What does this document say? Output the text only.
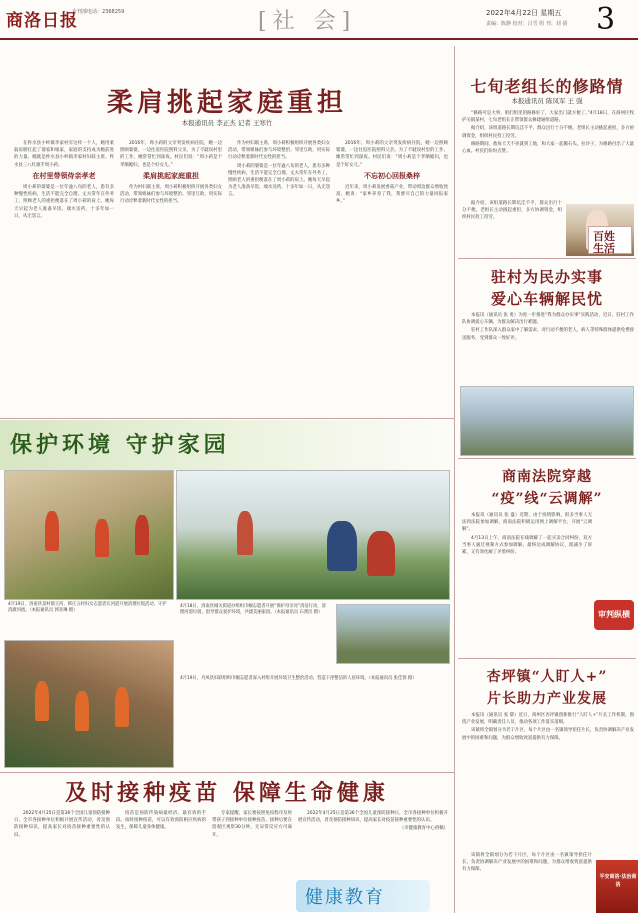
商洛日报
专刊部电话：2368259	[社 会]	2022年4月22日 星期五
责编：陈静 校对：吕雪 组 刊：刘 倩 3
柔肩挑起家庭重担
本报通讯员 李正杰 记者 王寒竹

在柞水县小岭镇李家村有这样一个人，她用柔弱肩膀扛起了婆家和娘家，家庭的支持成为她前进的力量。她就是柞水县小岭镇李家村妇联主席、柞水县三八红旗手周小莉。

在村里带领侍亲孝老

周小莉的婆婆是一位年逾八旬的老人，患有多种慢性疾病，生活不能完全自理。丈夫常年在外务工，照顾老人的重担便落在了周小莉的肩上。她每天早起为老人准备早饭、端水送药，十多年如一日，从无怨言。

2016年，周小莉的父亲突发疾病住院，她一边照顾婆婆，一边往返医院照料父亲。为了不耽误村里的工作，她常常忙到深夜。村民们说：“周小莉是个孝顺媳妇，也是个好女儿。”

柔肩挑起家庭重担

作为村妇联主席，周小莉积极组织开展各类妇女活动，带领姐妹们参与环境整治、邻里互助，用实际行动诠释着新时代女性的担当。

作为村妇联主席，周小莉积极组织开展各类妇女活动，带领姐妹们参与环境整治、邻里互助，用实际行动诠释着新时代女性的担当。

周小莉的婆婆是一位年逾八旬的老人，患有多种慢性疾病，生活不能完全自理。丈夫常年在外务工，照顾老人的重担便落在了周小莉的肩上。她每天早起为老人准备早饭、端水送药，十多年如一日，从无怨言。

2016年，周小莉的父亲突发疾病住院，她一边照顾婆婆，一边往返医院照料父亲。为了不耽误村里的工作，她常常忙到深夜。村民们说：“周小莉是个孝顺媳妇，也是个好女儿。”

不忘初心回报桑梓

近年来，周小莉发展香菇产业，带动周边群众增收致富，她说：“家乡养育了我，我要尽自己的力量回报家乡。”

保护环境 守护家园
4月19日，洛南县景村镇王河、韩庄五村妇女志愿者在河道开展清理垃圾活动，守护清澈河流。（本报通讯员 郭亚琳 摄）
4月18日，洛南县城关街道办组织巾帼志愿者开展“保护母亲河”清洁行动，清理河道垃圾，倡导群众爱护环境，共建美丽家园。（本报通讯员 石蕾民 摄）
4月19日，丹凤县妇联组织巾帼志愿者深入村组开展环境卫生整治活动，营造干净整洁的人居环境。（本报通讯员 张佳蓉 摄）
及时接种疫苗 保障生命健康

2022年4月25日是第36个全国儿童预防接种日，全市各接种单位积极开展宣传活动，普及预防接种知识，提高家长对疫苗接种重要性的认识。

疫苗是预防传染病最经济、最有效的手段。按时接种疫苗，可以有效预防相应疾病的发生，保障儿童身体健康。

专家提醒，家长要按照免疫程序及时带孩子到接种单位接种疫苗，接种后要在留观区观察30分钟，无异常反应方可离开。

2022年4月25日是第36个全国儿童预防接种日，全市各接种单位积极开展宣传活动，普及预防接种知识，提高家长对疫苗接种重要性的认识。

（市健康教育中心供稿）
健康教育
七旬老组长的修路情
本报通讯员 陈凤军 王 强

“修路可是大事，咱们组里的路修好了，大家出门就方便了。”4月18日，在商州区牧护关镇某村，七旬老组长正带领群众修建通组道路。

据介绍，该组道路长期坑洼不平，群众出行十分不便。老组长主动挑起重担，多方协调资金，组织村民投工投劳。

修路期间，他每天天不亮就到工地，和大家一起搬石头、拉沙子，为修路付出了大量心血。村民们纷纷点赞。

据介绍，该组道路长期坑洼不平，群众出行十分不便。老组长主动挑起重担，多方协调资金，组织村民投工投劳。

百姓
生活
驻村为民办实事
爱心车辆解民忧

本报讯（通讯员 张 勇）为进一步推进“我为群众办实事”实践活动，近日，驻村工作队协调爱心车辆，为群众解决出行难题。

驻村工作队深入群众家中了解需求，对行动不便的老人、病人等特殊群体提供免费接送服务，受到群众一致好评。

商南法院穿越
“疫”线“云调解”

本报讯（通讯员 张 盛）近期，由于疫情影响，很多当事人无法到法院参加调解，商南法院积极运用网上调解平台，开展“云调解”。

4月13日上午，商南法院在线调解了一起买卖合同纠纷，双方当事人通过视频方式参加调解，最终达成调解协议，既减少了诉累，又有效化解了矛盾纠纷。

审判纵横
杏坪镇“人盯人+”
片长助力产业发展

本报讯（通讯员 张 黎）近日，商州区杏坪镇创新推行“人盯人+”片长工作机制，围绕产业发展，明确责任人员，推动各项工作落实落细。

该镇将全镇划分为若干片区，每个片区由一名镇领导担任片长，负责协调解决产业发展中的困难和问题，为群众增收致富提供有力保障。

该镇将全镇划分为若干片区，每个片区由一名镇领导担任片长，负责协调解决产业发展中的困难和问题，为群众增收致富提供有力保障。

平安商洛·法治商洛
